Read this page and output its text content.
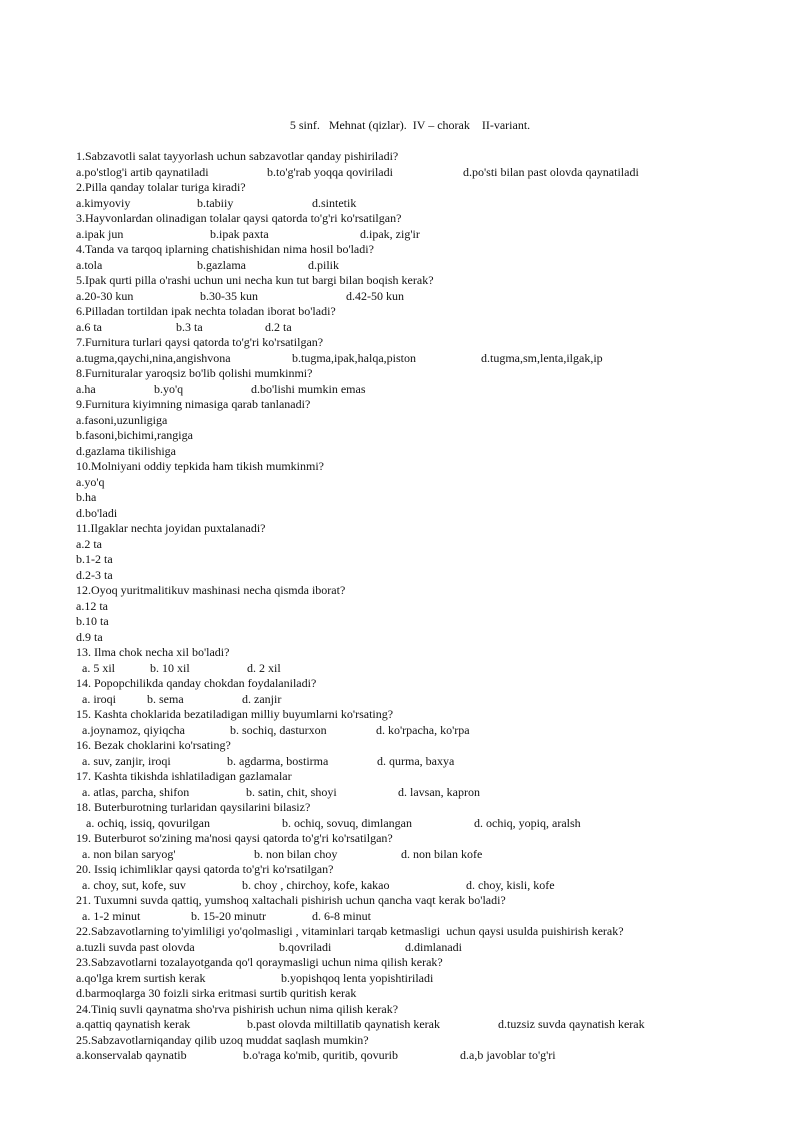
5 sinf.   Mehnat (qizlar).  IV – chorak    II-variant.
1.Sabzavotli salat tayyorlash uchun sabzavotlar qanday pishiriladi?
a.po'stlog'i artib qaynatiladi	b.to'g'rab yoqqa qoviriladi	d.po'sti bilan past olovda qaynatiladi
2.Pilla qanday tolalar turiga kiradi?
a.kimyoviy	b.tabiiy	d.sintetik
3.Hayvonlardan olinadigan tolalar qaysi qatorda to'g'ri ko'rsatilgan?
a.ipak jun	b.ipak paxta	d.ipak, zig'ir
4.Tanda va tarqoq iplarning chatishishidan nima hosil bo'ladi?
a.tola	b.gazlama	d.pilik
5.Ipak qurti pilla o'rashi uchun uni necha kun tut bargi bilan boqish kerak?
a.20-30 kun	b.30-35 kun	d.42-50 kun
6.Pilladan tortildan ipak nechta toladan iborat bo'ladi?
a.6 ta	b.3 ta	d.2 ta
7.Furnitura turlari qaysi qatorda to'g'ri ko'rsatilgan?
a.tugma,qaychi,nina,angishvona	b.tugma,ipak,halqa,piston	d.tugma,sm,lenta,ilgak,ip
8.Furnituralar yaroqsiz bo'lib qolishi mumkinmi?
a.ha	b.yo'q	d.bo'lishi mumkin emas
9.Furnitura kiyimning nimasiga qarab tanlanadi?
a.fasoni,uzunligiga
b.fasoni,bichimi,rangiga
d.gazlama tikilishiga
10.Molniyani oddiy tepkida ham tikish mumkinmi?
a.yo'q
b.ha
d.bo'ladi
11.Ilgaklar nechta joyidan puxtalanadi?
a.2 ta
b.1-2 ta
d.2-3 ta
12.Oyoq yuritmalitikuv mashinasi necha qismda iborat?
a.12 ta
b.10 ta
d.9 ta
13. Ilma chok necha xil bo'ladi?
a. 5 xil	b. 10 xil	d. 2 xil
14. Popopchilikda qanday chokdan foydalaniladi?
a. iroqi	b. sema	d. zanjir
15. Kashta choklarida bezatiladigan milliy buyumlarni ko'rsating?
a.joynamoz, qiyiqcha	b. sochiq, dasturxon	d. ko'rpacha, ko'rpa
16. Bezak choklarini ko'rsating?
a. suv, zanjir, iroqi	b. agdarma, bostirma	d. qurma, baxya
17. Kashta tikishda ishlatiladigan gazlamalar
a. atlas, parcha, shifon	b. satin, chit, shoyi	d. lavsan, kapron
18. Buterburotning turlaridan qaysilarini bilasiz?
a. ochiq, issiq, qovurilgan	b. ochiq, sovuq, dimlangan	d. ochiq, yopiq, aralsh
19. Buterburot so'zining ma'nosi qaysi qatorda to'g'ri ko'rsatilgan?
a. non bilan saryog'	b. non bilan choy	d. non bilan kofe
20. Issiq ichimliklar qaysi qatorda to'g'ri ko'rsatilgan?
a. choy, sut, kofe, suv	b. choy , chirchoy, kofe, kakao	d. choy, kisli, kofe
21. Tuxumni suvda qattiq, yumshoq xaltachali pishirish uchun qancha vaqt kerak bo'ladi?
a. 1-2 minut	b. 15-20 minutr	d. 6-8 minut
22.Sabzavotlarning to'yimliligi yo'qolmasligi , vitaminlari tarqab ketmasligi  uchun qaysi usulda puishirish kerak?
a.tuzli suvda past olovda	b.qovriladi	d.dimlanadi
23.Sabzavotlarni tozalayotganda qo'l qoraymasligi uchun nima qilish kerak?
a.qo'lga krem surtish kerak	b.yopishqoq lenta yopishtiriladi
d.barmoqlarga 30 foizli sirka eritmasi surtib quritish kerak
24.Tiniq suvli qaynatma sho'rva pishirish uchun nima qilish kerak?
a.qattiq qaynatish kerak	b.past olovda miltillatib qaynatish kerak	d.tuzsiz suvda qaynatish kerak
25.Sabzavotlarniqanday qilib uzoq muddat saqlash mumkin?
a.konservalab qaynatib	b.o'raga ko'mib, quritib, qovurib	d.a,b javoblar to'g'ri
